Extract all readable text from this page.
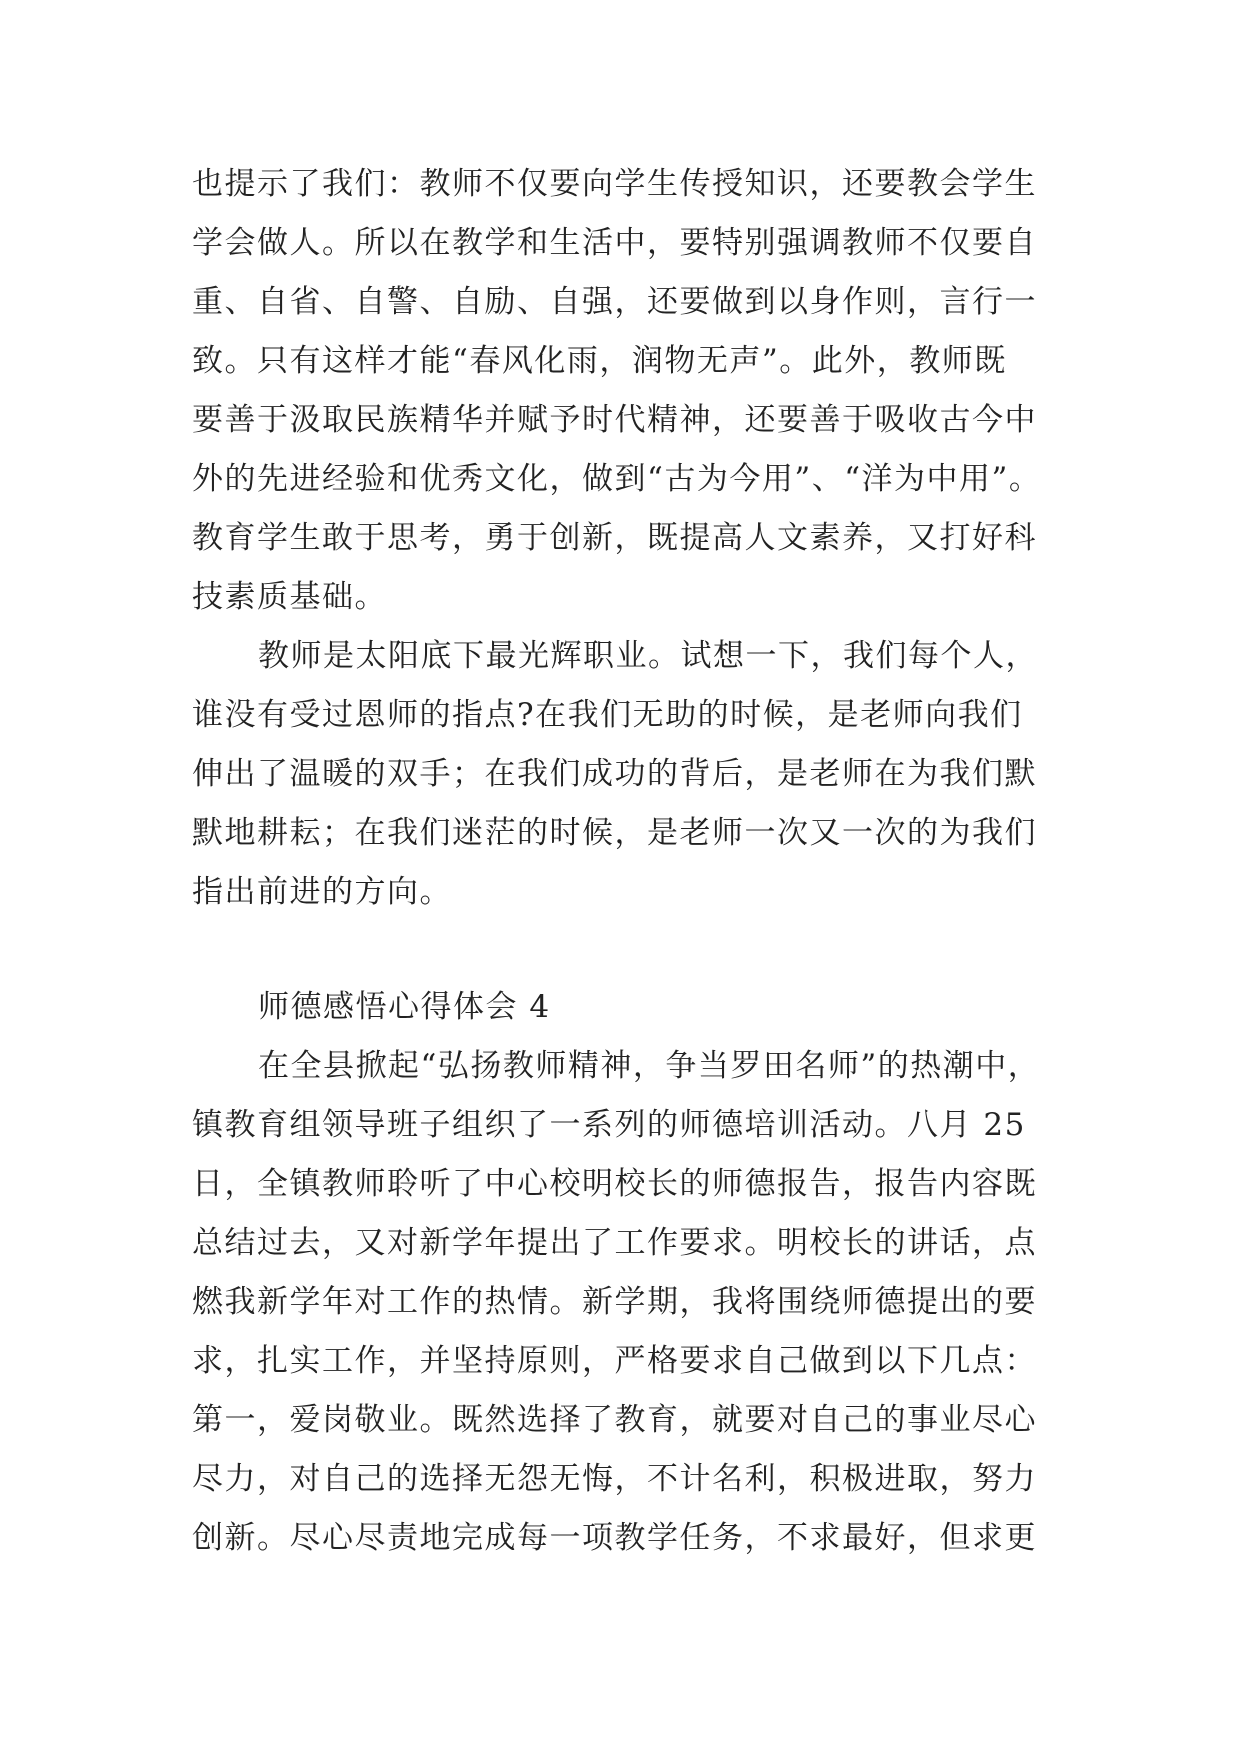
也提示了我们：教师不仅要向学生传授知识，还要教会学生
学会做人。所以在教学和生活中，要特别强调教师不仅要自
重、自省、自警、自励、自强，还要做到以身作则，言行一
致。只有这样才能“春风化雨，润物无声”。此外，教师既
要善于汲取民族精华并赋予时代精神，还要善于吸收古今中
外的先进经验和优秀文化，做到“古为今用”、“洋为中用”。
教育学生敢于思考，勇于创新，既提高人文素养，又打好科
技素质基础。
教师是太阳底下最光辉职业。试想一下，我们每个人，
谁没有受过恩师的指点?在我们无助的时候，是老师向我们
伸出了温暖的双手；在我们成功的背后，是老师在为我们默
默地耕耘；在我们迷茫的时候，是老师一次又一次的为我们
指出前进的方向。
师德感悟心得体会 4
在全县掀起“弘扬教师精神，争当罗田名师”的热潮中，
镇教育组领导班子组织了一系列的师德培训活动。八月 25
日，全镇教师聆听了中心校明校长的师德报告，报告内容既
总结过去，又对新学年提出了工作要求。明校长的讲话，点
燃我新学年对工作的热情。新学期，我将围绕师德提出的要
求，扎实工作，并坚持原则，严格要求自己做到以下几点：
第一，爱岗敬业。既然选择了教育，就要对自己的事业尽心
尽力，对自己的选择无怨无悔，不计名利，积极进取，努力
创新。尽心尽责地完成每一项教学任务，不求最好，但求更
